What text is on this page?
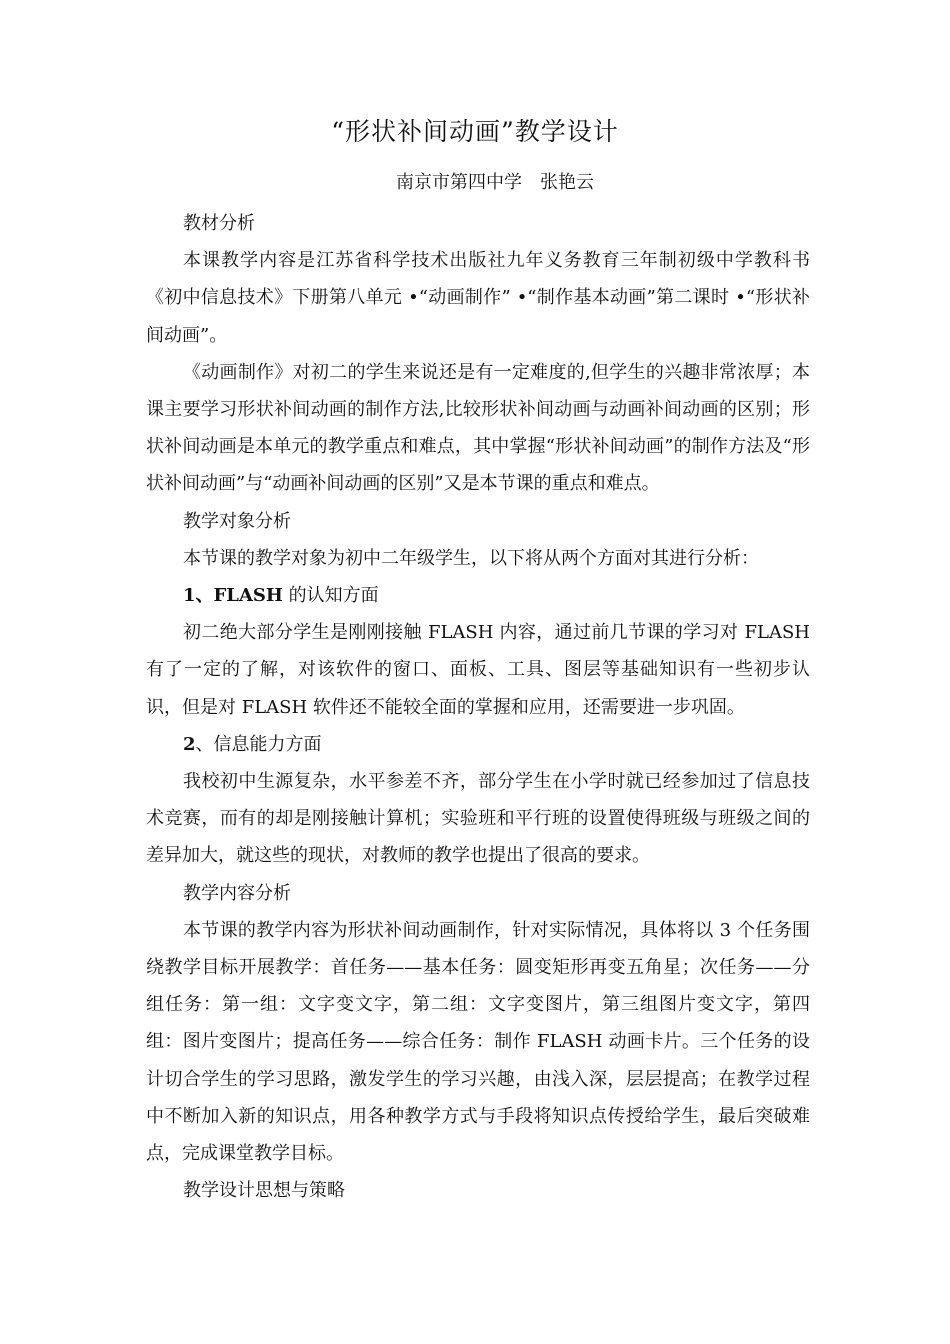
“形状补间动画”教学设计
南京市第四中学　张艳云

教材分析

本课教学内容是江苏省科学技术出版社九年义务教育三年制初级中学教科书《初中信息技术》下册第八单元 •“动画制作” •“制作基本动画”第二课时 •“形状补间动画”。

《动画制作》对初二的学生来说还是有一定难度的,但学生的兴趣非常浓厚；本课主要学习形状补间动画的制作方法,比较形状补间动画与动画补间动画的区别；形状补间动画是本单元的教学重点和难点，其中掌握“形状补间动画”的制作方法及“形状补间动画”与“动画补间动画的区别”又是本节课的重点和难点。

教学对象分析

本节课的教学对象为初中二年级学生，以下将从两个方面对其进行分析：

1、FLASH 的认知方面

初二绝大部分学生是刚刚接触 FLASH 内容，通过前几节课的学习对 FLASH 有了一定的了解，对该软件的窗口、面板、工具、图层等基础知识有一些初步认识，但是对 FLASH 软件还不能较全面的掌握和应用，还需要进一步巩固。

2、信息能力方面

我校初中生源复杂，水平参差不齐，部分学生在小学时就已经参加过了信息技术竞赛，而有的却是刚接触计算机；实验班和平行班的设置使得班级与班级之间的差异加大，就这些的现状，对教师的教学也提出了很高的要求。

教学内容分析

本节课的教学内容为形状补间动画制作，针对实际情况，具体将以 3 个任务围绕教学目标开展教学：首任务——基本任务：圆变矩形再变五角星；次任务——分组任务：第一组：文字变文字，第二组：文字变图片，第三组图片变文字，第四组：图片变图片；提高任务——综合任务：制作 FLASH 动画卡片。三个任务的设计切合学生的学习思路，激发学生的学习兴趣，由浅入深，层层提高；在教学过程中不断加入新的知识点，用各种教学方式与手段将知识点传授给学生，最后突破难点，完成课堂教学目标。

教学设计思想与策略
